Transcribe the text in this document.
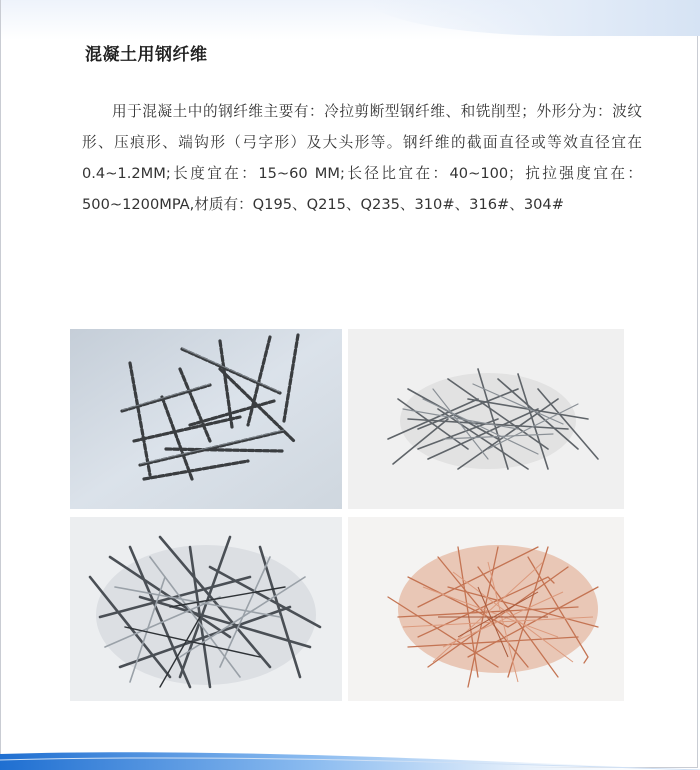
混凝土用钢纤维

用于混凝土中的钢纤维主要有：冷拉剪断型钢纤维、和铣削型；外形分为：波纹形、压痕形、端钩形（弓字形）及大头形等。钢纤维的截面直径或等效直径宜在0.4~1.2MM;长度宜在：15~60 MM;长径比宜在：40~100；抗拉强度宜在：500~1200MPA,材质有：Q195、Q215、Q235、310#、316#、304#
